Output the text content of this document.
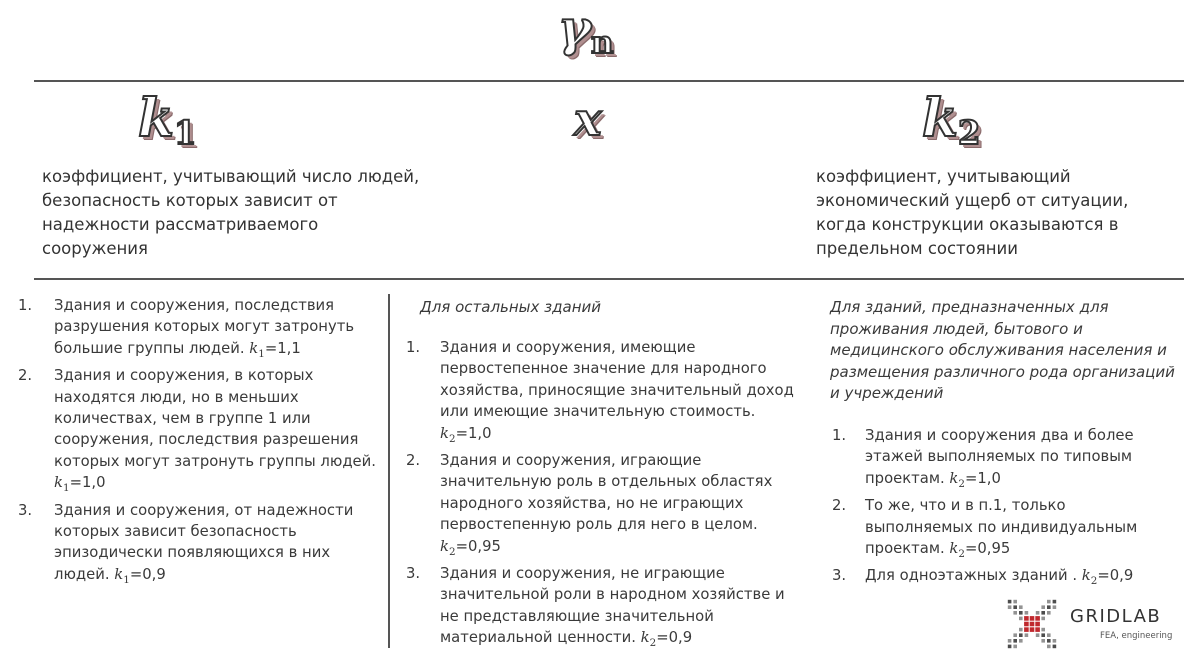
$\gamma_n$
$k_1$	x	$k_2$

коэффициент, учитывающий число людей, безопасность которых зависит от надежности рассматриваемого сооружения

коэффициент, учитывающий экономический ущерб от ситуации, когда конструкции оказываются в предельном состоянии

1. Здания и сооружения, последствия разрушения которых могут затронуть большие группы людей. $k_1=1,1$
2. Здания и сооружения, в которых находятся люди, но в меньших количествах, чем в группе 1 или сооружения, последствия разрешения которых могут затронуть группы людей. $k_1=1,0$
3. Здания и сооружения, от надежности которых зависит безопасность эпизодически появляющихся в них людей. $k_1=0,9$

Для остальных зданий

1. Здания и сооружения, имеющие первостепенное значение для народного хозяйства, приносящие значительный доход или имеющие значительную стоимость. $k_2=1,0$
2. Здания и сооружения, играющие значительную роль в отдельных областях народного хозяйства, но не играющих первостепенную роль для него в целом. $k_2=0,95$
3. Здания и сооружения, не играющие значительной роли в народном хозяйстве и не представляющие значительной материальной ценности. $k_2=0,9$

Для зданий, предназначенных для проживания людей, бытового и медицинского обслуживания населения и размещения различного рода организаций и учреждений

1. Здания и сооружения два и более этажей выполняемых по типовым проектам. $k_2=1,0$
2. То же, что и в п.1, только выполняемых по индивидуальным проектам. $k_2=0,95$
3. Для одноэтажных зданий . $k_2=0,9$
GRIDLAB
FEA, engineering
